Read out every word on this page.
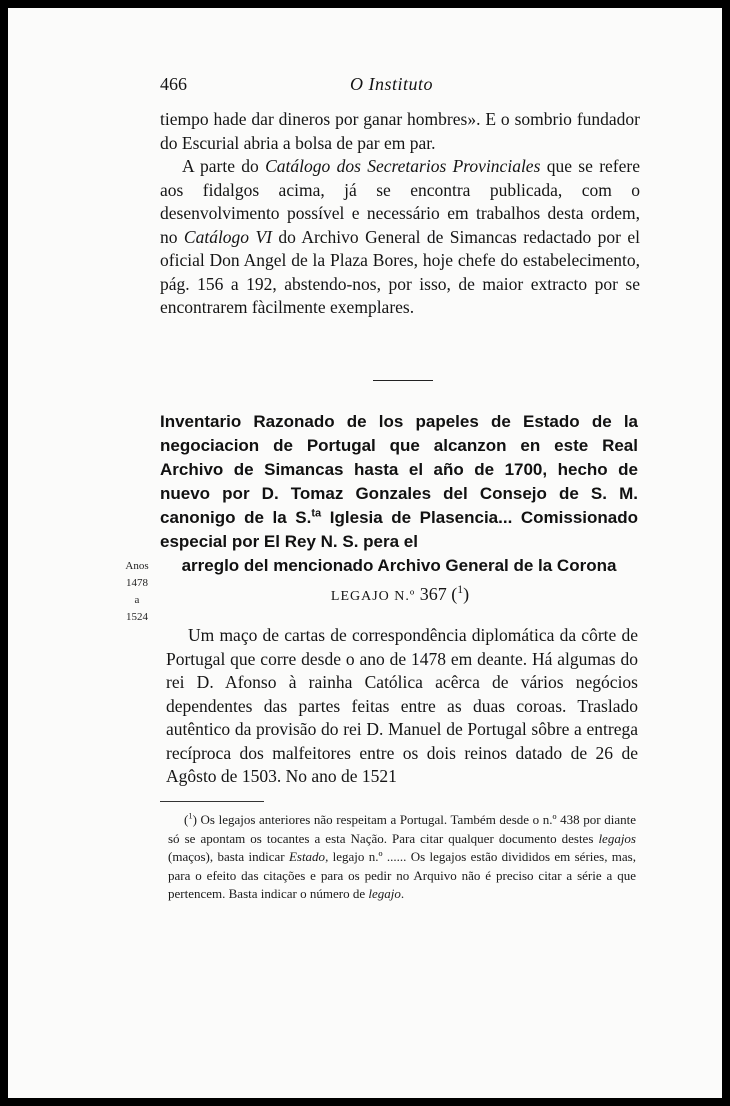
466	O Instituto

tiempo hade dar dineros por ganar hombres». E o sombrio fundador do Escurial abria a bolsa de par em par.

A parte do Catálogo dos Secretarios Provinciales que se refere aos fidalgos acima, já se encontra publicada, com o desenvolvimento possível e necessário em trabalhos desta ordem, no Catálogo VI do Archivo General de Simancas redactado por el oficial Don Angel de la Plaza Bores, hoje chefe do estabelecimento, pág. 156 a 192, abstendo-nos, por isso, de maior extracto por se encontrarem fàcilmente exemplares.

Inventario Razonado de los papeles de Estado de la negociacion de Portugal que alcanzon en este Real Archivo de Simancas hasta el año de 1700, hecho de nuevo por D. Tomaz Gonzales del Consejo de S. M. canonigo de la S.$^{ta}$ Iglesia de Plasencia... Comissionado especial por El Rey N. S. pera el
arreglo del mencionado Archivo General de la Corona
Anos
1478
a
1524
LEGAJO N.º 367 ($^1$)

Um maço de cartas de correspondência diplomática da côrte de Portugal que corre desde o ano de 1478 em deante. Há algumas do rei D. Afonso à rainha Católica acêrca de vários negócios dependentes das partes feitas entre as duas coroas. Traslado autêntico da provisão do rei D. Manuel de Portugal sôbre a entrega recíproca dos malfeitores entre os dois reinos datado de 26 de Agôsto de 1503. No ano de 1521

($^1$) Os legajos anteriores não respeitam a Portugal. Também desde o n.º 438 por diante só se apontam os tocantes a esta Nação. Para citar qualquer documento destes legajos (maços), basta indicar Estado, legajo n.º ...... Os legajos estão divididos em séries, mas, para o efeito das citações e para os pedir no Arquivo não é preciso citar a série a que pertencem. Basta indicar o número de legajo.
